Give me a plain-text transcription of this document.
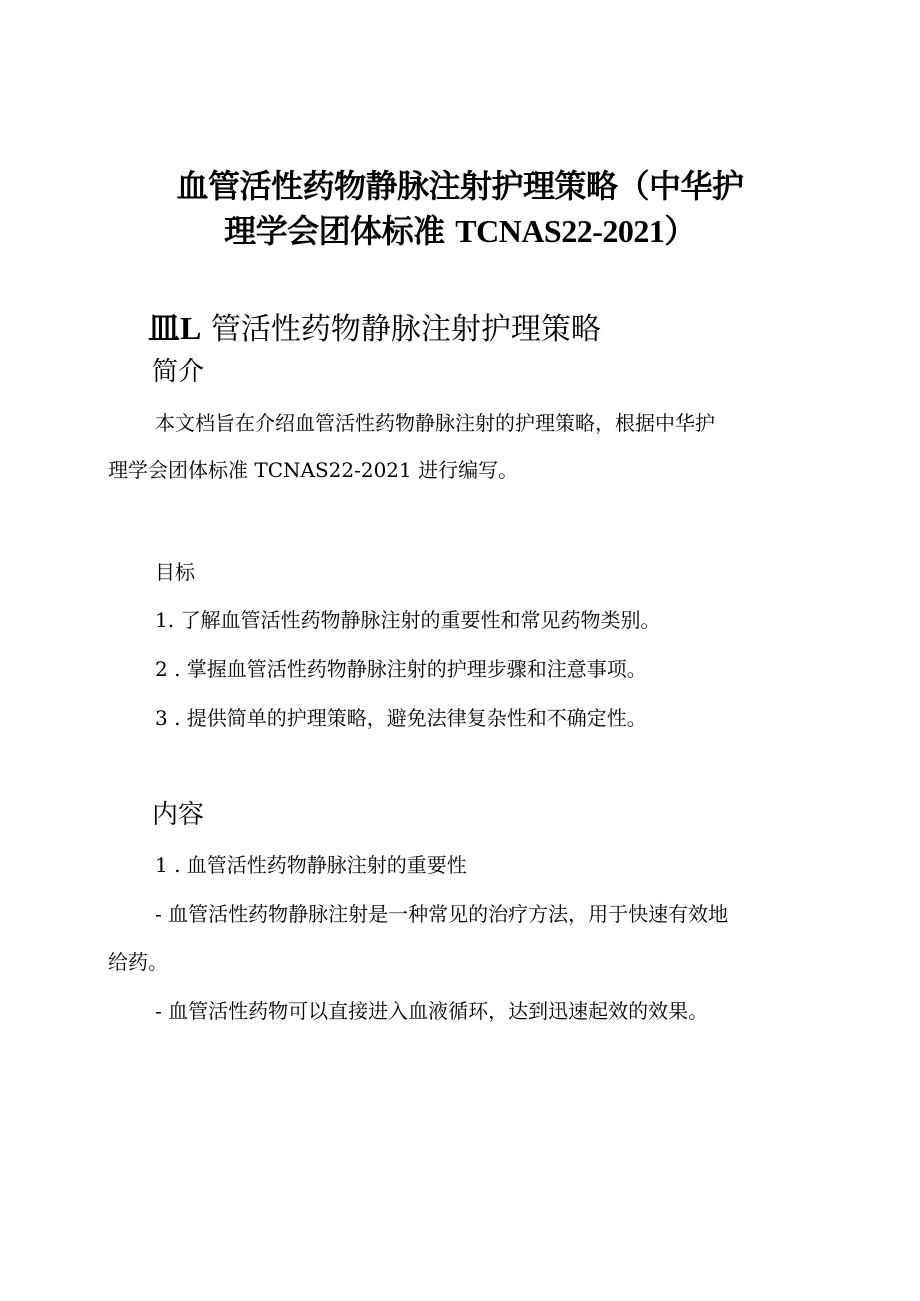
血管活性药物静脉注射护理策略（中华护
理学会团体标准 TCNAS22-2021）
皿L 管活性药物静脉注射护理策略
简介
本文档旨在介绍血管活性药物静脉注射的护理策略，根据中华护
理学会团体标准 TCNAS22-2021 进行编写。
目标
1. 了解血管活性药物静脉注射的重要性和常见药物类别。
2 . 掌握血管活性药物静脉注射的护理步骤和注意事项。
3 . 提供简单的护理策略，避免法律复杂性和不确定性。
内容
1 . 血管活性药物静脉注射的重要性
- 血管活性药物静脉注射是一种常见的治疗方法，用于快速有效地
给药。
- 血管活性药物可以直接进入血液循环，达到迅速起效的效果。
